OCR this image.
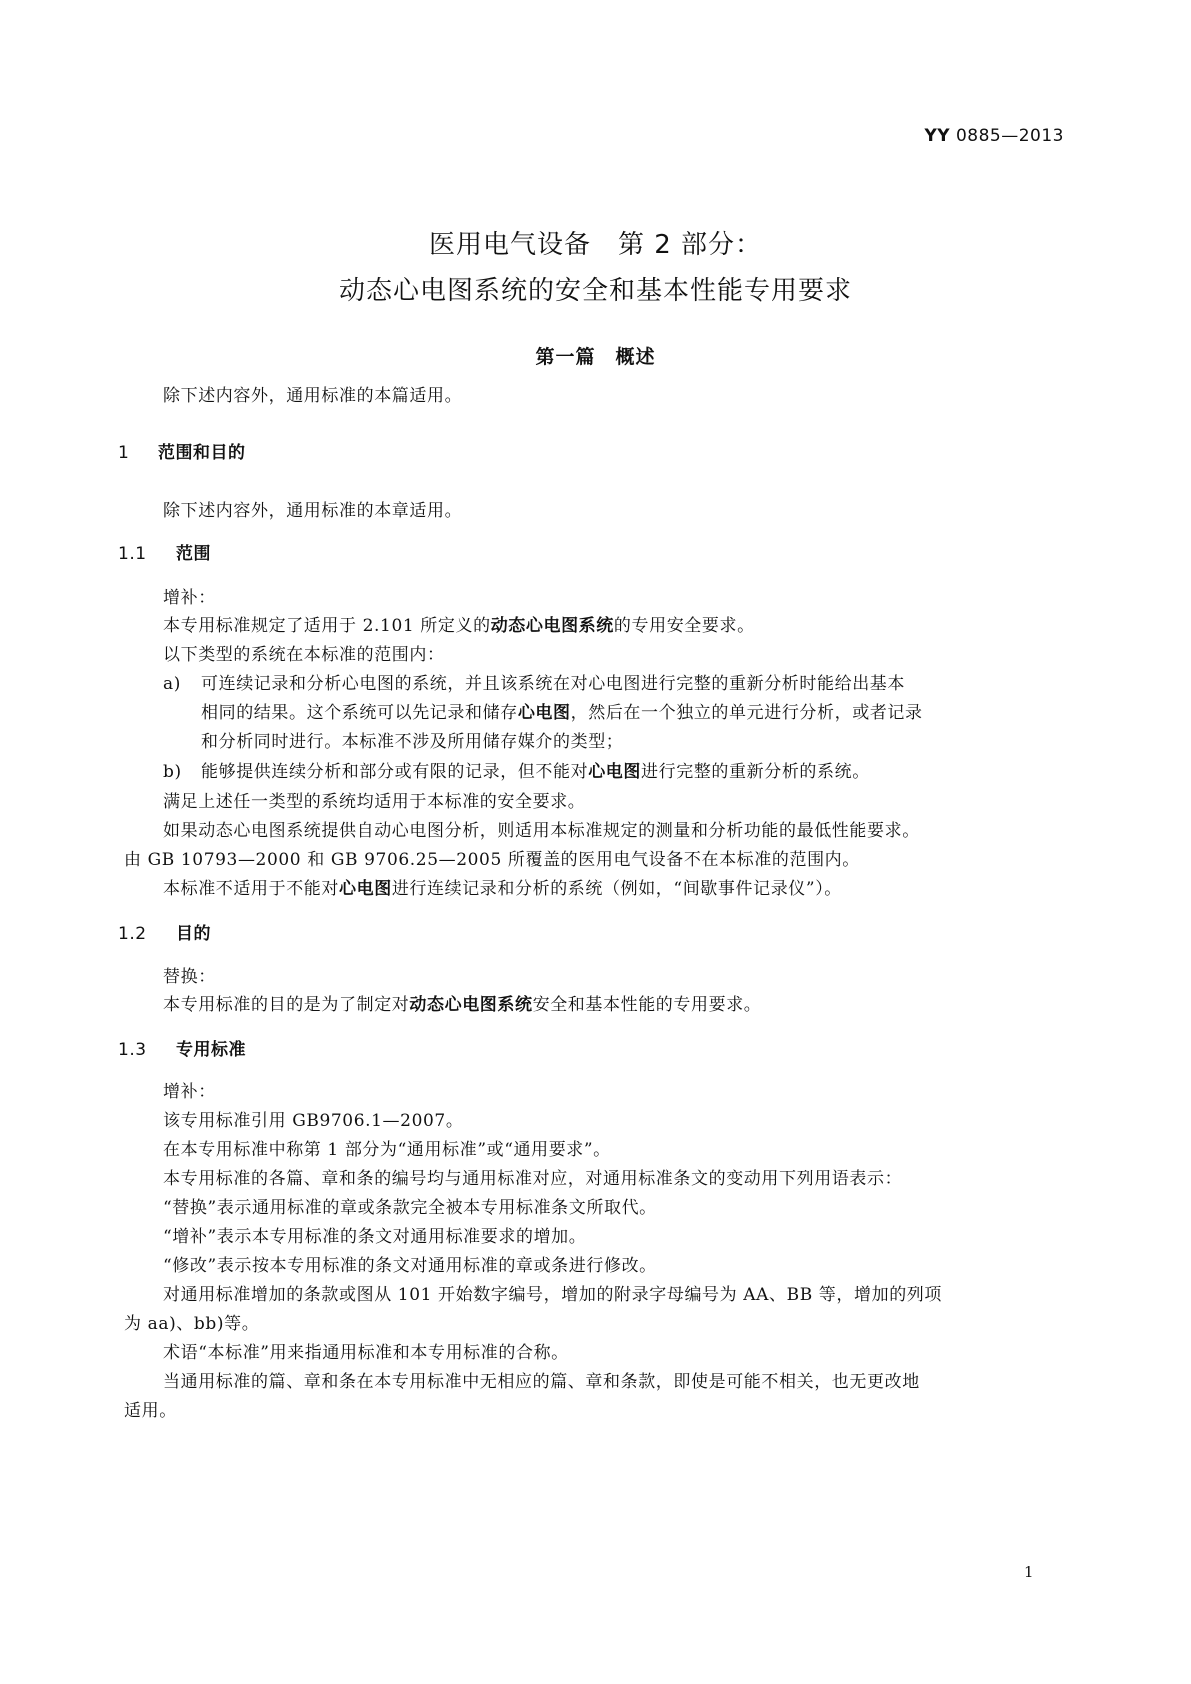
YY 0885—2013
医用电气设备　第 2 部分：
动态心电图系统的安全和基本性能专用要求
第一篇　概述
除下述内容外，通用标准的本篇适用。
1 范围和目的
除下述内容外，通用标准的本章适用。
1.1 范围
增补：
本专用标准规定了适用于 2.101 所定义的动态心电图系统的专用安全要求。
以下类型的系统在本标准的范围内：
a) 可连续记录和分析心电图的系统，并且该系统在对心电图进行完整的重新分析时能给出基本
相同的结果。这个系统可以先记录和储存心电图，然后在一个独立的单元进行分析，或者记录
和分析同时进行。本标准不涉及所用储存媒介的类型；
b) 能够提供连续分析和部分或有限的记录，但不能对心电图进行完整的重新分析的系统。
满足上述任一类型的系统均适用于本标准的安全要求。
如果动态心电图系统提供自动心电图分析，则适用本标准规定的测量和分析功能的最低性能要求。
由 GB 10793—2000 和 GB 9706.25—2005 所覆盖的医用电气设备不在本标准的范围内。
本标准不适用于不能对心电图进行连续记录和分析的系统（例如，“间歇事件记录仪”）。
1.2 目的
替换：
本专用标准的目的是为了制定对动态心电图系统安全和基本性能的专用要求。
1.3 专用标准
增补：
该专用标准引用 GB9706.1—2007。
在本专用标准中称第 1 部分为“通用标准”或“通用要求”。
本专用标准的各篇、章和条的编号均与通用标准对应，对通用标准条文的变动用下列用语表示：
“替换”表示通用标准的章或条款完全被本专用标准条文所取代。
“增补”表示本专用标准的条文对通用标准要求的增加。
“修改”表示按本专用标准的条文对通用标准的章或条进行修改。
对通用标准增加的条款或图从 101 开始数字编号，增加的附录字母编号为 AA、BB 等，增加的列项
为 aa)、bb)等。
术语“本标准”用来指通用标准和本专用标准的合称。
当通用标准的篇、章和条在本专用标准中无相应的篇、章和条款，即使是可能不相关，也无更改地
适用。
1
